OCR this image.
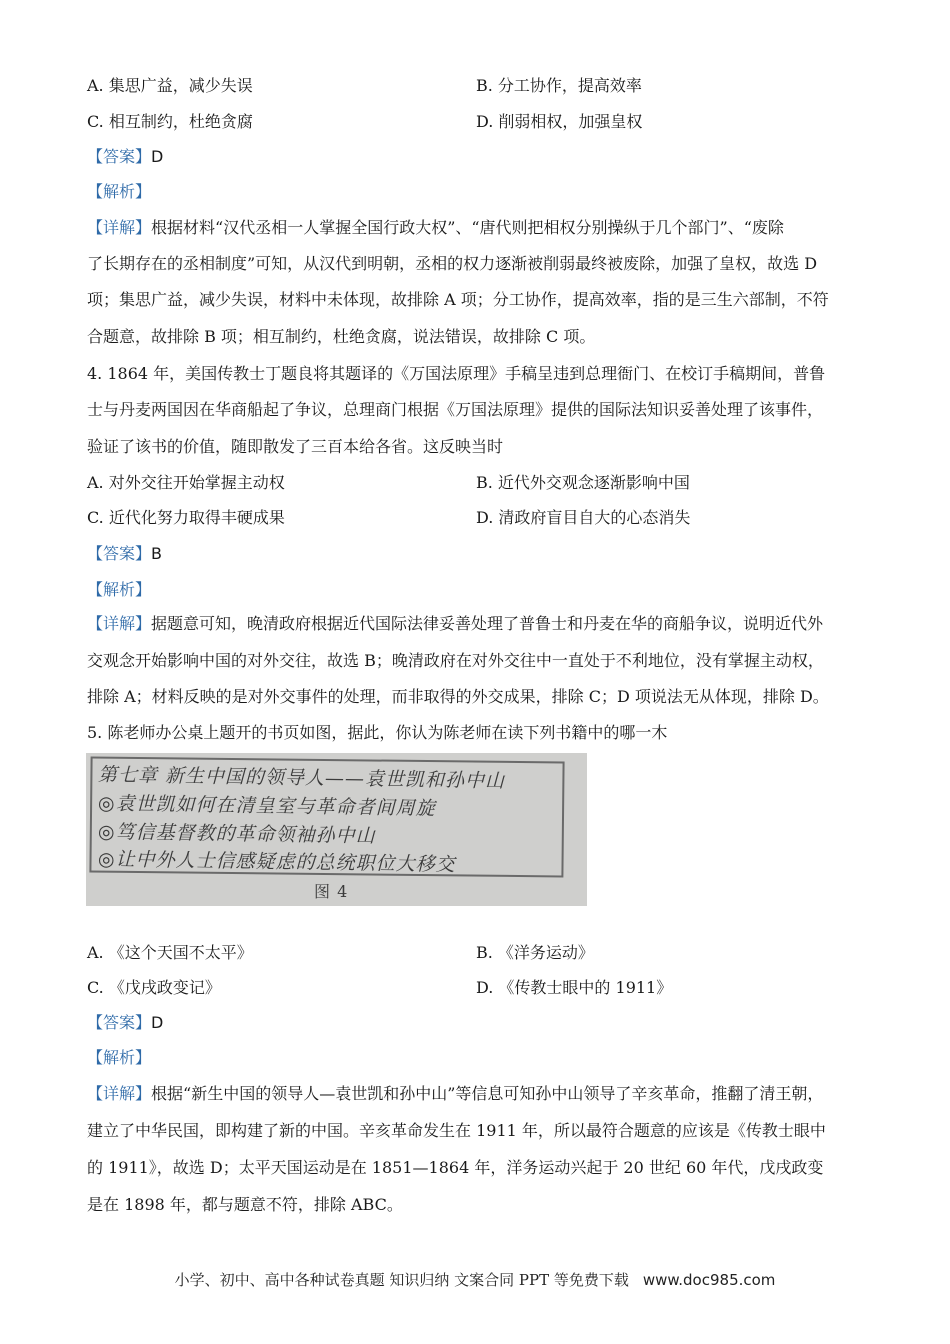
A. 集思广益，减少失误	B. 分工协作，提高效率
C. 相互制约，杜绝贪腐	D. 削弱相权，加强皇权
【答案】D
【解析】
【详解】根据材料“汉代丞相一人掌握全国行政大权”、“唐代则把相权分别操纵于几个部门”、“废除
了长期存在的丞相制度”可知，从汉代到明朝，丞相的权力逐渐被削弱最终被废除，加强了皇权，故选 D
项；集思广益，减少失误，材料中未体现，故排除 A 项；分工协作，提高效率，指的是三生六部制，不符
合题意，故排除 B 项；相互制约，杜绝贪腐，说法错误，故排除 C 项。
4. 1864 年，美国传教士丁题良将其题译的《万国法原理》手稿呈违到总理衙门、在校订手稿期间，普鲁
士与丹麦两国因在华商船起了争议，总理商门根据《万国法原理》提供的国际法知识妥善处理了该事件，
验证了该书的价值，随即散发了三百本给各省。这反映当时
A. 对外交往开始掌握主动权	B. 近代外交观念逐渐影响中国
C. 近代化努力取得丰硬成果	D. 清政府盲目自大的心态消失
【答案】B
【解析】
【详解】据题意可知，晚清政府根据近代国际法律妥善处理了普鲁士和丹麦在华的商船争议，说明近代外
交观念开始影响中国的对外交往，故选 B；晚清政府在对外交往中一直处于不利地位，没有掌握主动权，
排除 A；材料反映的是对外交事件的处理，而非取得的外交成果，排除 C；D 项说法无从体现，排除 D。
5. 陈老师办公桌上题开的书页如图，据此，你认为陈老师在读下列书籍中的哪一木
第七章 新生中国的领导人——袁世凯和孙中山
◎袁世凯如何在清皇室与革命者间周旋
◎笃信基督教的革命领袖孙中山
◎让中外人士信感疑虑的总统职位大移交
图 4
A. 《这个天国不太平》	B. 《洋务运动》
C. 《戊戌政变记》	D. 《传教士眼中的 1911》
【答案】D
【解析】
【详解】根据“新生中国的领导人—袁世凯和孙中山”等信息可知孙中山领导了辛亥革命，推翻了清王朝，
建立了中华民国，即构建了新的中国。辛亥革命发生在 1911 年，所以最符合题意的应该是《传教士眼中
的 1911》，故选 D；太平天国运动是在 1851—1864 年，洋务运动兴起于 20 世纪 60 年代，戊戌政变
是在 1898 年，都与题意不符，排除 ABC。
小学、初中、高中各种试卷真题 知识归纳 文案合同 PPT 等免费下载 www.doc985.com
